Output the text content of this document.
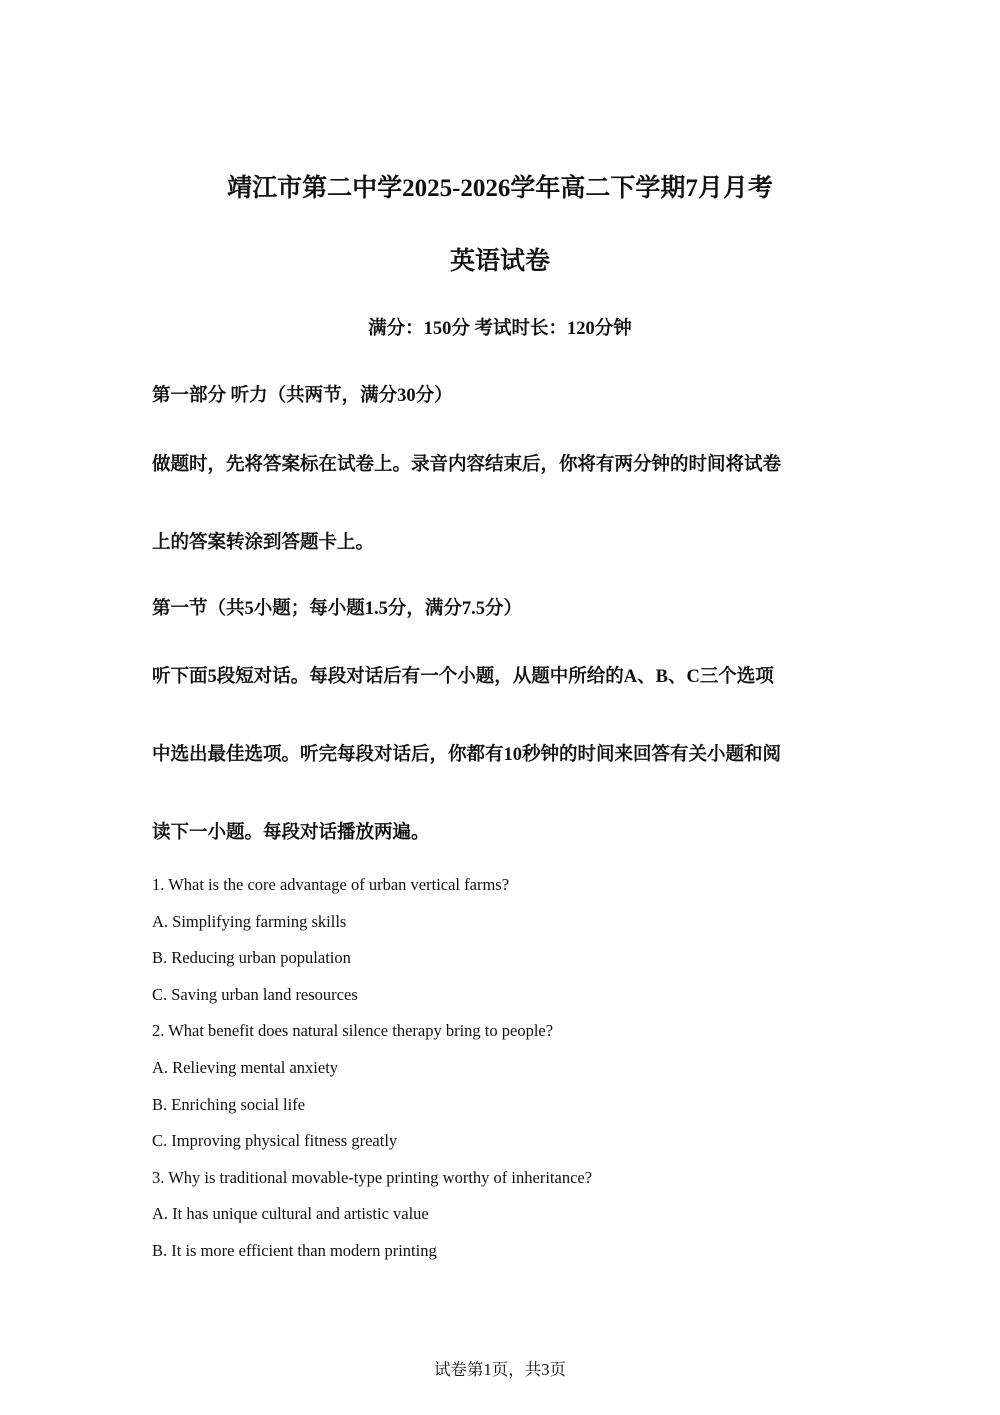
靖江市第二中学2025-2026学年高二下学期7月月考
英语试卷
满分：150分 考试时长：120分钟
第一部分 听力（共两节，满分30分）
做题时，先将答案标在试卷上。录音内容结束后，你将有两分钟的时间将试卷
上的答案转涂到答题卡上。
第一节（共5小题；每小题1.5分，满分7.5分）
听下面5段短对话。每段对话后有一个小题，从题中所给的A、B、C三个选项
中选出最佳选项。听完每段对话后，你都有10秒钟的时间来回答有关小题和阅
读下一小题。每段对话播放两遍。
1. What is the core advantage of urban vertical farms?
A. Simplifying farming skills
B. Reducing urban population
C. Saving urban land resources
2. What benefit does natural silence therapy bring to people?
A. Relieving mental anxiety
B. Enriching social life
C. Improving physical fitness greatly
3. Why is traditional movable-type printing worthy of inheritance?
A. It has unique cultural and artistic value
B. It is more efficient than modern printing
试卷第1页，共3页
